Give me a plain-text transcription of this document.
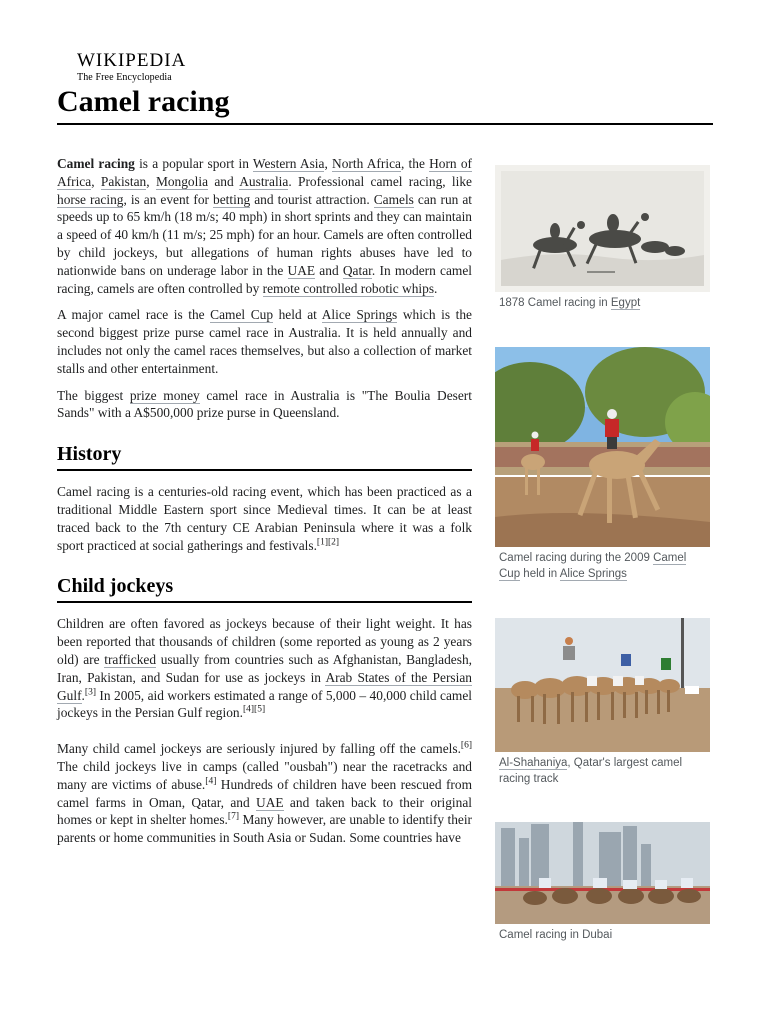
WIKIPEDIA
The Free Encyclopedia
Camel racing

Camel racing is a popular sport in Western Asia, North Africa, the Horn of Africa, Pakistan, Mongolia and Australia. Professional camel racing, like horse racing, is an event for betting and tourist attraction. Camels can run at speeds up to 65 km/h (18 m/s; 40 mph) in short sprints and they can maintain a speed of 40 km/h (11 m/s; 25 mph) for an hour. Camels are often controlled by child jockeys, but allegations of human rights abuses have led to nationwide bans on underage labor in the UAE and Qatar. In modern camel racing, camels are often controlled by remote controlled robotic whips.

A major camel race is the Camel Cup held at Alice Springs which is the second biggest prize purse camel race in Australia. It is held annually and includes not only the camel races themselves, but also a collection of market stalls and other entertainment.

The biggest prize money camel race in Australia is "The Boulia Desert Sands" with a A$500,000 prize purse in Queensland.

History

Camel racing is a centuries-old racing event, which has been practiced as a traditional Middle Eastern sport since Medieval times. It can be at least traced back to the 7th century CE Arabian Peninsula where it was a folk sport practiced at social gatherings and festivals.[1][2]

Child jockeys

Children are often favored as jockeys because of their light weight. It has been reported that thousands of children (some reported as young as 2 years old) are trafficked usually from countries such as Afghanistan, Bangladesh, Iran, Pakistan, and Sudan for use as jockeys in Arab States of the Persian Gulf.[3] In 2005, aid workers estimated a range of 5,000 – 40,000 child camel jockeys in the Persian Gulf region.[4][5]

Many child camel jockeys are seriously injured by falling off the camels.[6] The child jockeys live in camps (called "ousbah") near the racetracks and many are victims of abuse.[4] Hundreds of children have been rescued from camel farms in Oman, Qatar, and UAE and taken back to their original homes or kept in shelter homes.[7] Many however, are unable to identify their parents or home communities in South Asia or Sudan. Some countries have

1878 Camel racing in Egypt
Camel racing during the 2009 Camel Cup held in Alice Springs
Al-Shahaniya, Qatar's largest camel racing track
Camel racing in Dubai
